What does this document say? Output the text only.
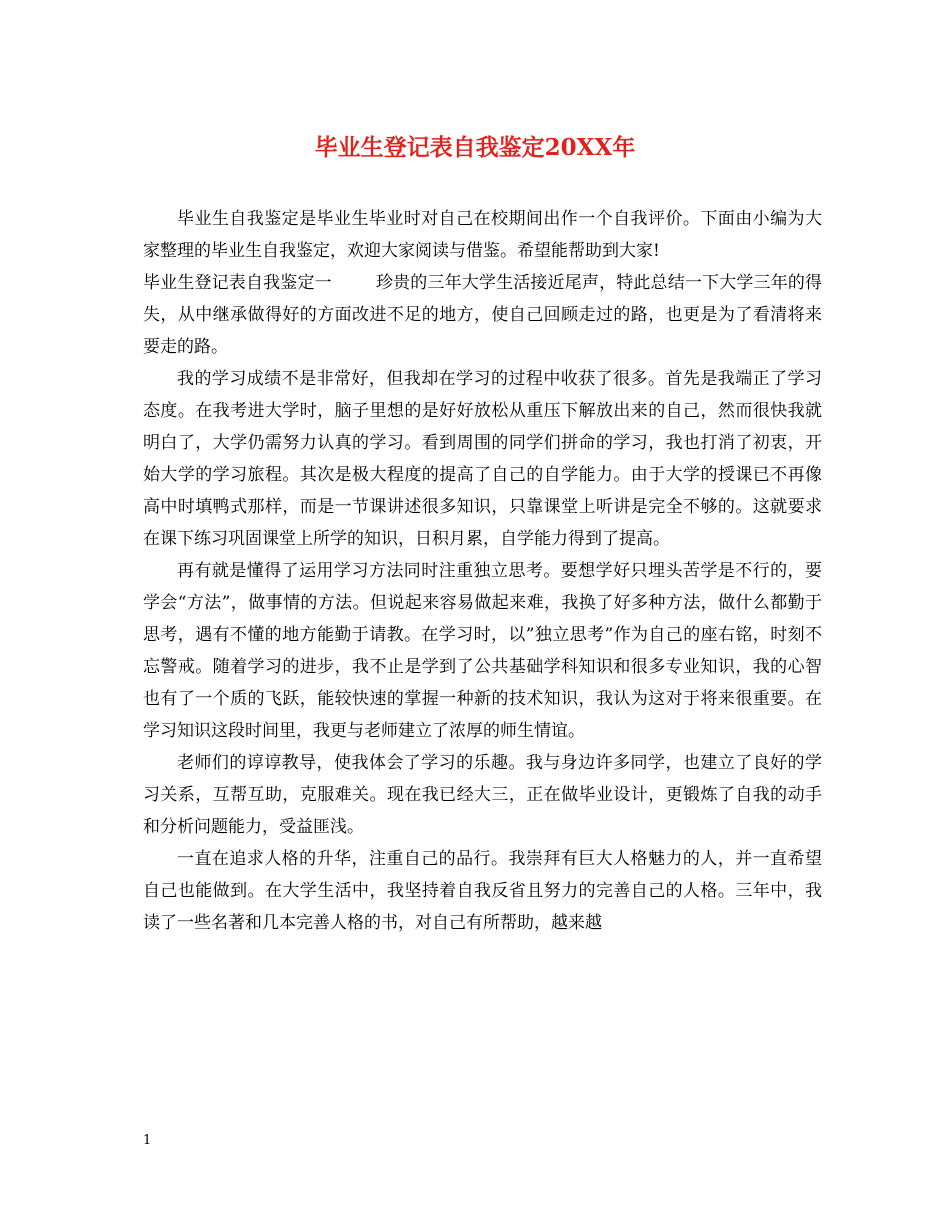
毕业生登记表自我鉴定20XX年

毕业生自我鉴定是毕业生毕业时对自己在校期间出作一个自我评价。下面由小编为大家整理的毕业生自我鉴定，欢迎大家阅读与借鉴。希望能帮助到大家!

毕业生登记表自我鉴定一	珍贵的三年大学生活接近尾声，特此总结一下大学三年的得失，从中继承做得好的方面改进不足的地方，使自己回顾走过的路，也更是为了看清将来要走的路。

我的学习成绩不是非常好，但我却在学习的过程中收获了很多。首先是我端正了学习态度。在我考进大学时，脑子里想的是好好放松从重压下解放出来的自己，然而很快我就明白了，大学仍需努力认真的学习。看到周围的同学们拼命的学习，我也打消了初衷，开始大学的学习旅程。其次是极大程度的提高了自己的自学能力。由于大学的授课已不再像高中时填鸭式那样，而是一节课讲述很多知识，只靠课堂上听讲是完全不够的。这就要求在课下练习巩固课堂上所学的知识，日积月累，自学能力得到了提高。

再有就是懂得了运用学习方法同时注重独立思考。要想学好只埋头苦学是不行的，要学会“方法”，做事情的方法。但说起来容易做起来难，我换了好多种方法，做什么都勤于思考，遇有不懂的地方能勤于请教。在学习时，以”独立思考”作为自己的座右铭，时刻不忘警戒。随着学习的进步，我不止是学到了公共基础学科知识和很多专业知识，我的心智也有了一个质的飞跃，能较快速的掌握一种新的技术知识，我认为这对于将来很重要。在学习知识这段时间里，我更与老师建立了浓厚的师生情谊。

老师们的谆谆教导，使我体会了学习的乐趣。我与身边许多同学，也建立了良好的学习关系，互帮互助，克服难关。现在我已经大三，正在做毕业设计，更锻炼了自我的动手和分析问题能力，受益匪浅。

一直在追求人格的升华，注重自己的品行。我崇拜有巨大人格魅力的人，并一直希望自己也能做到。在大学生活中，我坚持着自我反省且努力的完善自己的人格。三年中，我读了一些名著和几本完善人格的书，对自己有所帮助，越来越

1
